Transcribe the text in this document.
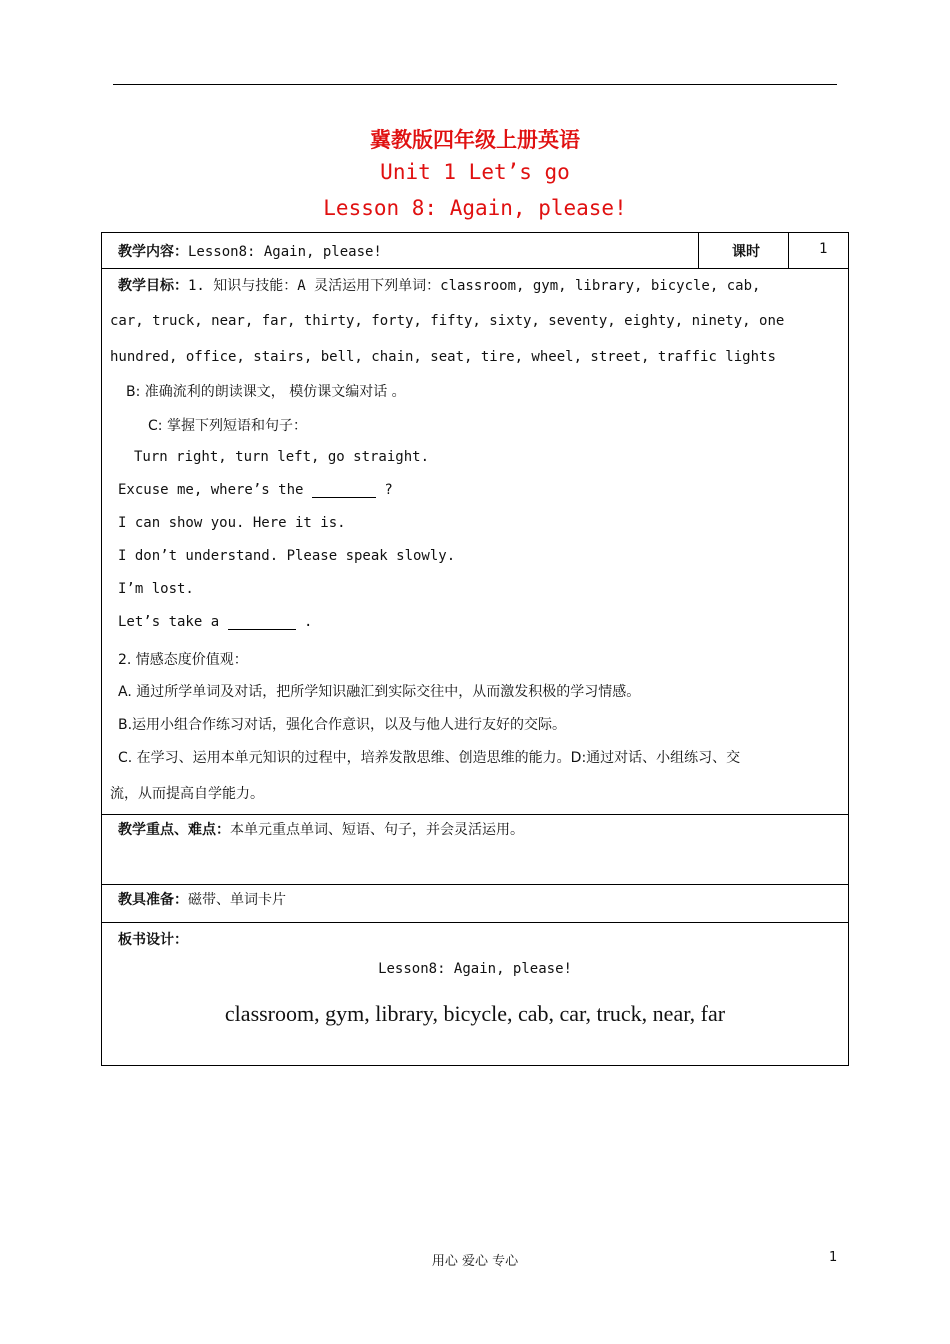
冀教版四年级上册英语
Unit 1 Let’s go
Lesson 8: Again, please!
教学内容：Lesson8: Again, please!	课时	1
教学目标：1. 知识与技能：A 灵活运用下列单词：classroom, gym, library, bicycle, cab,
car, truck, near, far, thirty, forty, fifty, sixty, seventy, eighty, ninety, one
hundred, office, stairs, bell, chain, seat, tire, wheel, street, traffic lights
B: 准确流利的朗读课文， 模仿课文编对话 。
C: 掌握下列短语和句子：
Turn right, turn left, go straight.
Excuse me, where’s the	?
I can show you. Here it is.
I don’t understand. Please speak slowly.
I’m lost.
Let’s take a	.
2. 情感态度价值观：
A. 通过所学单词及对话，把所学知识融汇到实际交往中，从而激发积极的学习情感。
B.运用小组合作练习对话，强化合作意识，以及与他人进行友好的交际。
C. 在学习、运用本单元知识的过程中，培养发散思维、创造思维的能力。D:通过对话、小组练习、交
流，从而提高自学能力。
教学重点、难点：本单元重点单词、短语、句子，并会灵活运用。
教具准备：磁带、单词卡片
板书设计：
Lesson8: Again, please!
classroom, gym, library, bicycle, cab, car, truck, near, far
用心 爱心 专心	1
